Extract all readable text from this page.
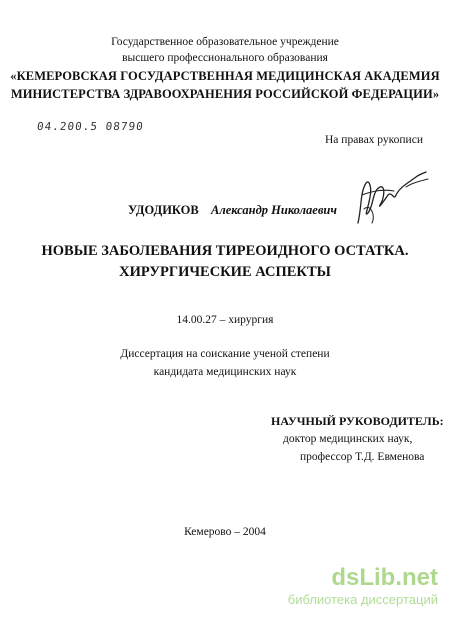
Государственное образовательное учреждение
высшего профессионального образования
«КЕМЕРОВСКАЯ ГОСУДАРСТВЕННАЯ МЕДИЦИНСКАЯ АКАДЕМИЯ
МИНИСТЕРСТВА ЗДРАВООХРАНЕНИЯ РОССИЙСКОЙ ФЕДЕРАЦИИ»
04.200.5 08790
На правах рукописи
УДОДИКОВ Александр Николаевич
НОВЫЕ ЗАБОЛЕВАНИЯ ТИРЕОИДНОГО ОСТАТКА.
ХИРУРГИЧЕСКИЕ АСПЕКТЫ
14.00.27 – хирургия
Диссертация на соискание ученой степени
кандидата медицинских наук
НАУЧНЫЙ РУКОВОДИТЕЛЬ:
доктор медицинских наук,
профессор Т.Д. Евменова
Кемерово – 2004
dsLib.net
библиотека диссертаций
